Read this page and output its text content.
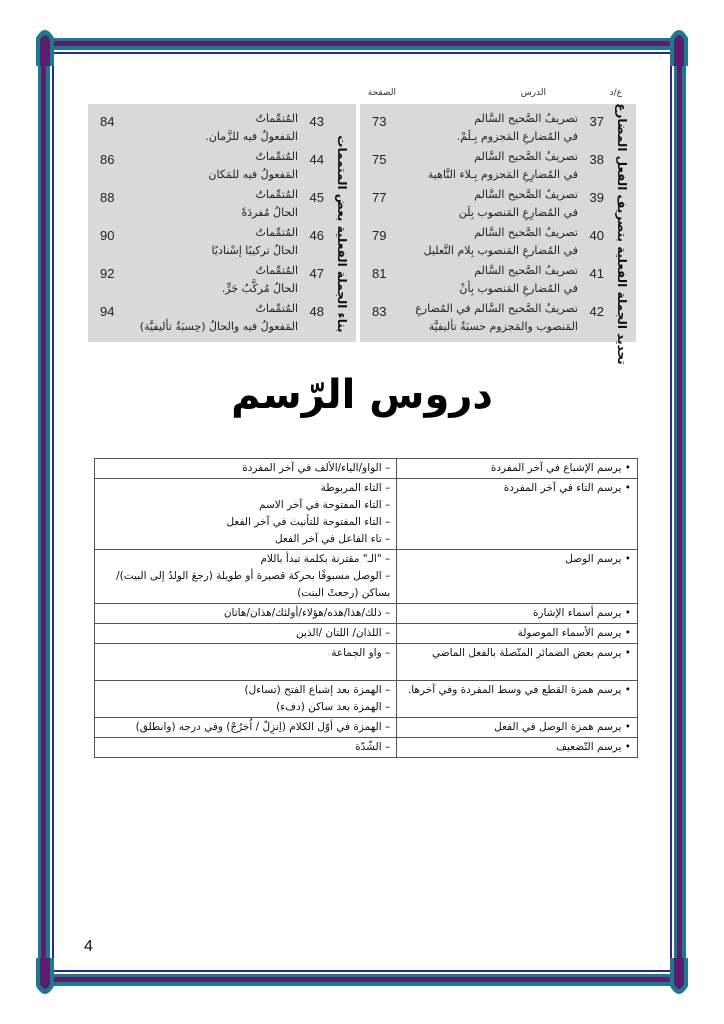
ع/د
الدرس
الصفحة
تحديد الجملة الفعلية بتصريف الفعل المضارع
37
تصريفُ الصَّحيح السَّالم
في المُضارعِ المَجزوم بِـلَمْ.
73
38
تصريفُ الصَّحيح السَّالم
في المُضارِعِ المَجزوم بِـلاء النَّاهية
75
39
تصريفُ الصَّحيح السَّالم
في المُضارِعِ المَنصوب بِلَن
77
40
تصريفُ الصَّحيح السَّالم
في المُضارعِ المَنصوب بِلام التَّعليل
79
41
تصريفُ الصَّحيح السَّالم
في المُضارعِ المَنصوب بِأنْ
81
42
تصريفُ الصَّحيح السَّالم في المُضارعِ
المَنصوب والمَجزوم حسبَةٌ تأليفيَّة
83
بناء الجملة الفعلية بعض المتممات
43
المُتمِّماتُ
المَفعولُ فيه للزَّمان.
84
44
المُتمِّماتُ
المَفعولُ فيه للمَكان
86
45
المُتمِّماتُ
الحالُ مُفردَةً
88
46
المُتمِّماتُ
الحالُ تركيبًا إسْناديًا
90
47
المُتمِّماتُ
الحالُ مُركَّبُ جَرٍّ.
92
48
المُتمِّماتُ
المَفعولُ فيه والحالُ (حِسبَةٌ تأليفيَّة)
94
دروس الرّسم
• يرسم الإشباع في آخر المفردة	– الواو/الياء/الألف في آخر المفردة

• يرسم التاء في آخر المفردة	– التاء المربوطة
– التاء المفتوحة في آخر الاسم
– التاء المفتوحة للتأنيث في آخر الفعل
– تاء الفاعل في آخر الفعل

• يرسم الوصل	– "الـ" مقترنة بكلمة تبدأ باللام
– الوصل مسبوقًا بحركة قصيرة أو طويلة (رجعَ الولدُ إلى البيت)/
بساكن (رجعتْ البنت)

• يرسم أسماء الإشارة	– ذلك/هذا/هذه/هؤلاء/أولئك/هذان/هاتان

• يرسم الأسماء الموصولة	– اللذان/ اللتان /الذين

• يرسم بعض الضمائر المتّصلة بالفعل الماضي	– واو الجماعة

• يرسم همزة القطع في وسط المفردة وفي آخرها.	– الهمزة بعد إشباع الفتح (تساءل)
– الهمزة بعد ساكن (دفء)

• يرسم همزة الوصل في الفعل	– الهمزة في أوّل الكلام (اِنزِلْ / اُخرُجْ) وفي درجه (وانطلق)

• يرسم التّضعيف	– الشّدّة
4
